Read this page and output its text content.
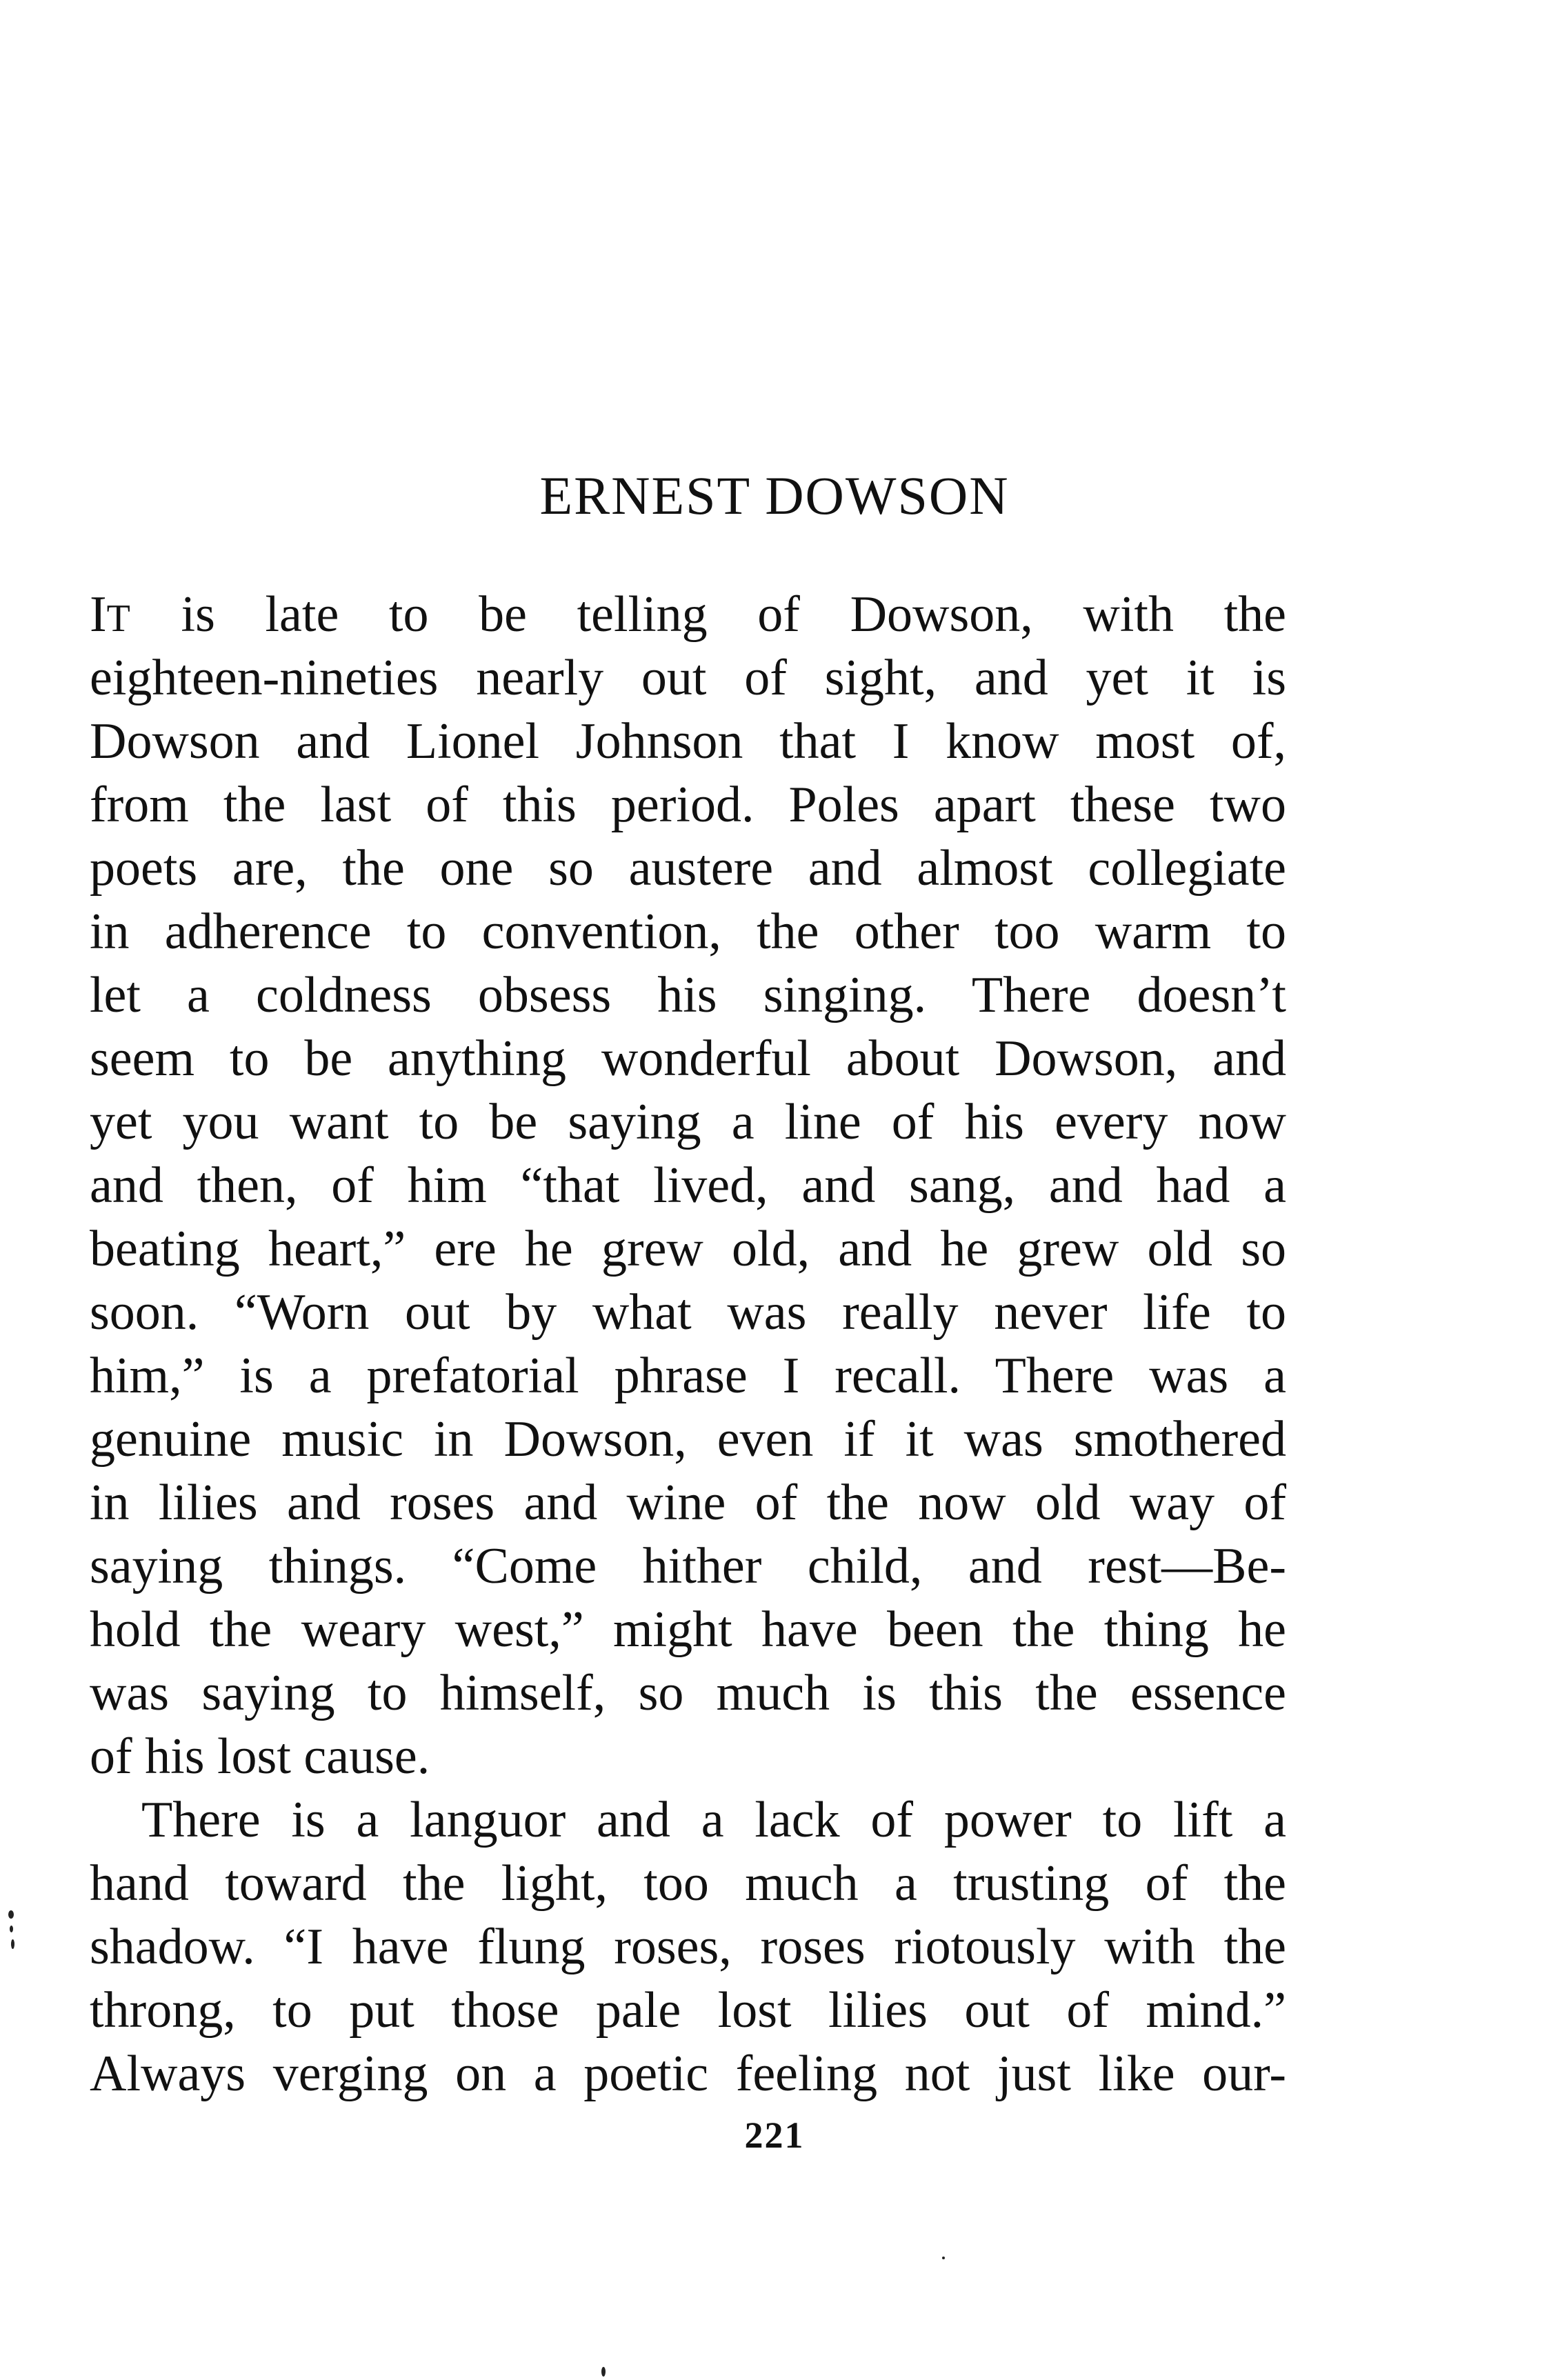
ERNEST DOWSON
IT is late to be telling of Dowson, with the
eighteen-nineties nearly out of sight, and yet it is
Dowson and Lionel Johnson that I know most of,
from the last of this period. Poles apart these two
poets are, the one so austere and almost collegiate
in adherence to convention, the other too warm to
let a coldness obsess his singing. There doesn’t
seem to be anything wonderful about Dowson, and
yet you want to be saying a line of his every now
and then, of him “that lived, and sang, and had a
beating heart,” ere he grew old, and he grew old so
soon. “Worn out by what was really never life to
him,” is a prefatorial phrase I recall. There was a
genuine music in Dowson, even if it was smothered
in lilies and roses and wine of the now old way of
saying things. “Come hither child, and rest—Be-
hold the weary west,” might have been the thing he
was saying to himself, so much is this the essence
of his lost cause.
There is a languor and a lack of power to lift a
hand toward the light, too much a trusting of the
shadow. “I have flung roses, roses riotously with the
throng, to put those pale lost lilies out of mind.”
Always verging on a poetic feeling not just like our-
221
